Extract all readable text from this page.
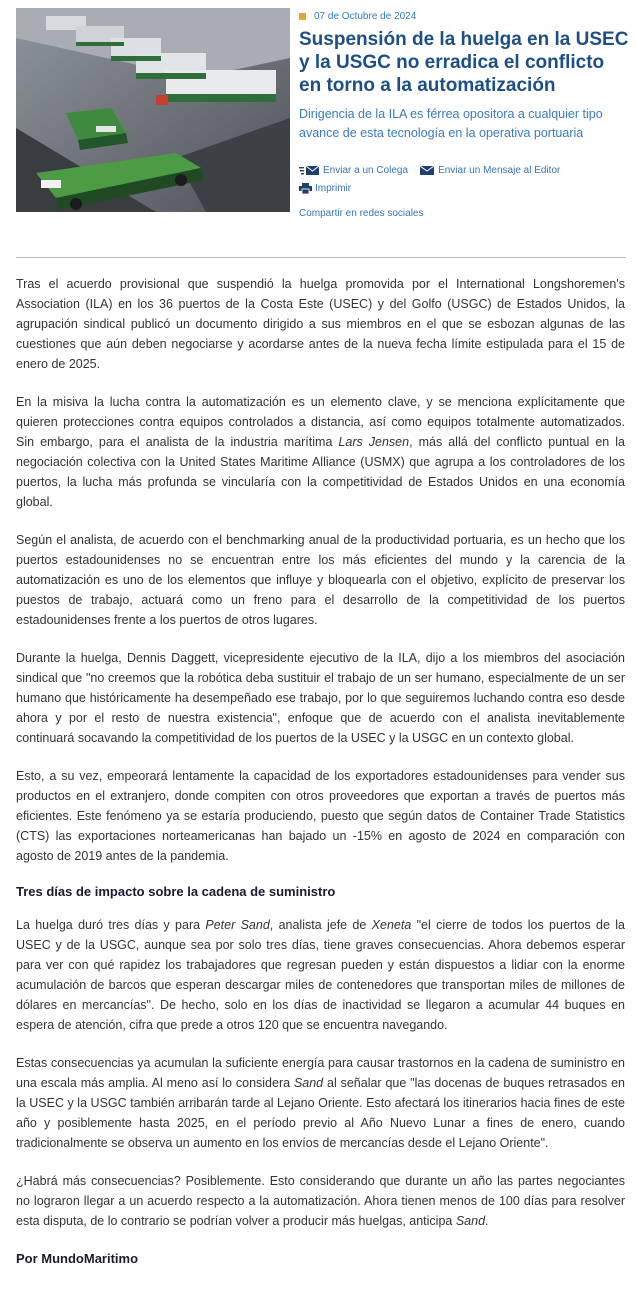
07 de Octubre de 2024
Suspensión de la huelga en la USEC y la USGC no erradica el conflicto en torno a la automatización

Dirigencia de la ILA es férrea opositora a cualquier tipo avance de esta tecnología en la operativa portuaria

Enviar a un Colega	Enviar un Mensaje al Editor
Imprimir
Compartir en redes sociales

Tras el acuerdo provisional que suspendió la huelga promovida por el International Longshoremen's Association (ILA) en los 36 puertos de la Costa Este (USEC) y del Golfo (USGC) de Estados Unidos, la agrupación sindical publicó un documento dirigido a sus miembros en el que se esbozan algunas de las cuestiones que aún deben negociarse y acordarse antes de la nueva fecha límite estipulada para el 15 de enero de 2025.

En la misiva la lucha contra la automatización es un elemento clave, y se menciona explícitamente que quieren protecciones contra equipos controlados a distancia, así como equipos totalmente automatizados. Sin embargo, para el analista de la industria marítima Lars Jensen, más allá del conflicto puntual en la negociación colectiva con la United States Maritime Alliance (USMX) que agrupa a los controladores de los puertos, la lucha más profunda se vincularía con la competitividad de Estados Unidos en una economía global.

Según el analista, de acuerdo con el benchmarking anual de la productividad portuaria, es un hecho que los puertos estadounidenses no se encuentran entre los más eficientes del mundo y la carencia de la automatización es uno de los elementos que influye y bloquearla con el objetivo, explícito de preservar los puestos de trabajo, actuará como un freno para el desarrollo de la competitividad de los puertos estadounidenses frente a los puertos de otros lugares.

Durante la huelga, Dennis Daggett, vicepresidente ejecutivo de la ILA, dijo a los miembros del asociación sindical que "no creemos que la robótica deba sustituir el trabajo de un ser humano, especialmente de un ser humano que históricamente ha desempeñado ese trabajo, por lo que seguiremos luchando contra eso desde ahora y por el resto de nuestra existencia", enfoque que de acuerdo con el analista inevitablemente continuará socavando la competitividad de los puertos de la USEC y la USGC en un contexto global.

Esto, a su vez, empeorará lentamente la capacidad de los exportadores estadounidenses para vender sus productos en el extranjero, donde compiten con otros proveedores que exportan a través de puertos más eficientes. Este fenómeno ya se estaría produciendo, puesto que según datos de Container Trade Statistics (CTS) las exportaciones norteamericanas han bajado un -15% en agosto de 2024 en comparación con agosto de 2019 antes de la pandemia.

Tres días de impacto sobre la cadena de suministro

La huelga duró tres días y para Peter Sand, analista jefe de Xeneta "el cierre de todos los puertos de la USEC y de la USGC, aunque sea por solo tres días, tiene graves consecuencias. Ahora debemos esperar para ver con qué rapidez los trabajadores que regresan pueden y están dispuestos a lidiar con la enorme acumulación de barcos que esperan descargar miles de contenedores que transportan miles de millones de dólares en mercancías". De hecho, solo en los días de inactividad se llegaron a acumular 44 buques en espera de atención, cifra que prede a otros 120 que se encuentra navegando.

Estas consecuencias ya acumulan la suficiente energía para causar trastornos en la cadena de suministro en una escala más amplia. Al meno así lo considera Sand al señalar que "las docenas de buques retrasados en la USEC y la USGC también arribarán tarde al Lejano Oriente. Esto afectará los itinerarios hacia fines de este año y posiblemente hasta 2025, en el período previo al Año Nuevo Lunar a fines de enero, cuando tradicionalmente se observa un aumento en los envíos de mercancías desde el Lejano Oriente".

¿Habrá más consecuencias? Posiblemente. Esto considerando que durante un año las partes negociantes no lograron llegar a un acuerdo respecto a la automatización. Ahora tienen menos de 100 días para resolver esta disputa, de lo contrario se podrían volver a producir más huelgas, anticipa Sand.

Por MundoMaritimo
